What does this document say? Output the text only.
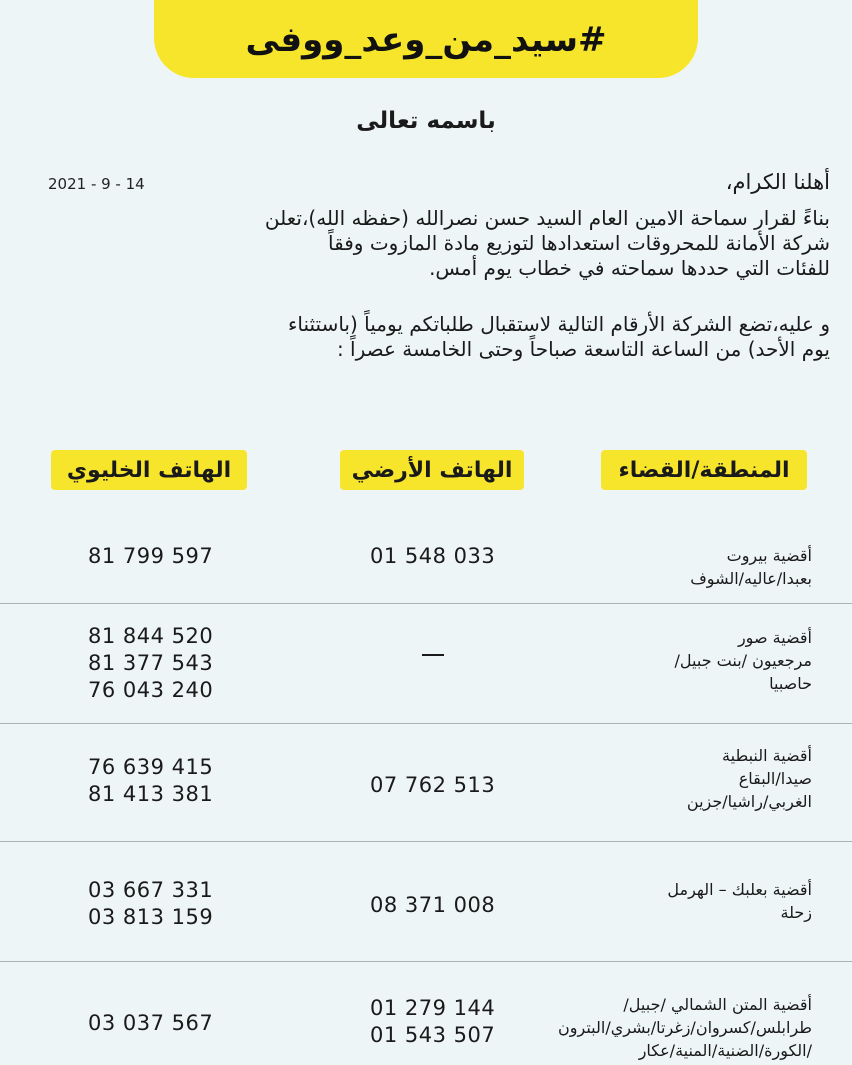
#سيد_من_وعد_ووفى
باسمه تعالى
2021 - 9 - 14	أهلنا الكرام،
بناءً لقرار سماحة الامين العام السيد حسن نصرالله (حفظه الله)،تعلن
شركة الأمانة للمحروقات استعدادها لتوزيع مادة المازوت وفقاً
للفئات التي حددها سماحته في خطاب يوم أمس.
و عليه،تضع الشركة الأرقام التالية لاستقبال طلباتكم يومياً (باستثناء
يوم الأحد) من الساعة التاسعة صباحاً وحتى الخامسة عصراً :
المنطقة/القضاء
الهاتف الأرضي
الهاتف الخليوي
أقضية بيروت
بعبدا/عاليه/الشوف
01 548 033
81 799 597
أقضية صور
مرجعيون /بنت جبيل/
حاصبيا
81 844 520
81 377 543
76 043 240
أقضية النبطية
صيدا/البقاع
الغربي/راشيا/جزين
07 762 513
76 639 415
81 413 381
أقضية بعلبك – الهرمل
زحلة
08 371 008
03 667 331
03 813 159
أقضية المتن الشمالي /جبيل/
طرابلس/كسروان/زغرتا/بشري/البترون
/الكورة/الضنية/المنية/عكار
01 279 144
01 543 507
03 037 567
